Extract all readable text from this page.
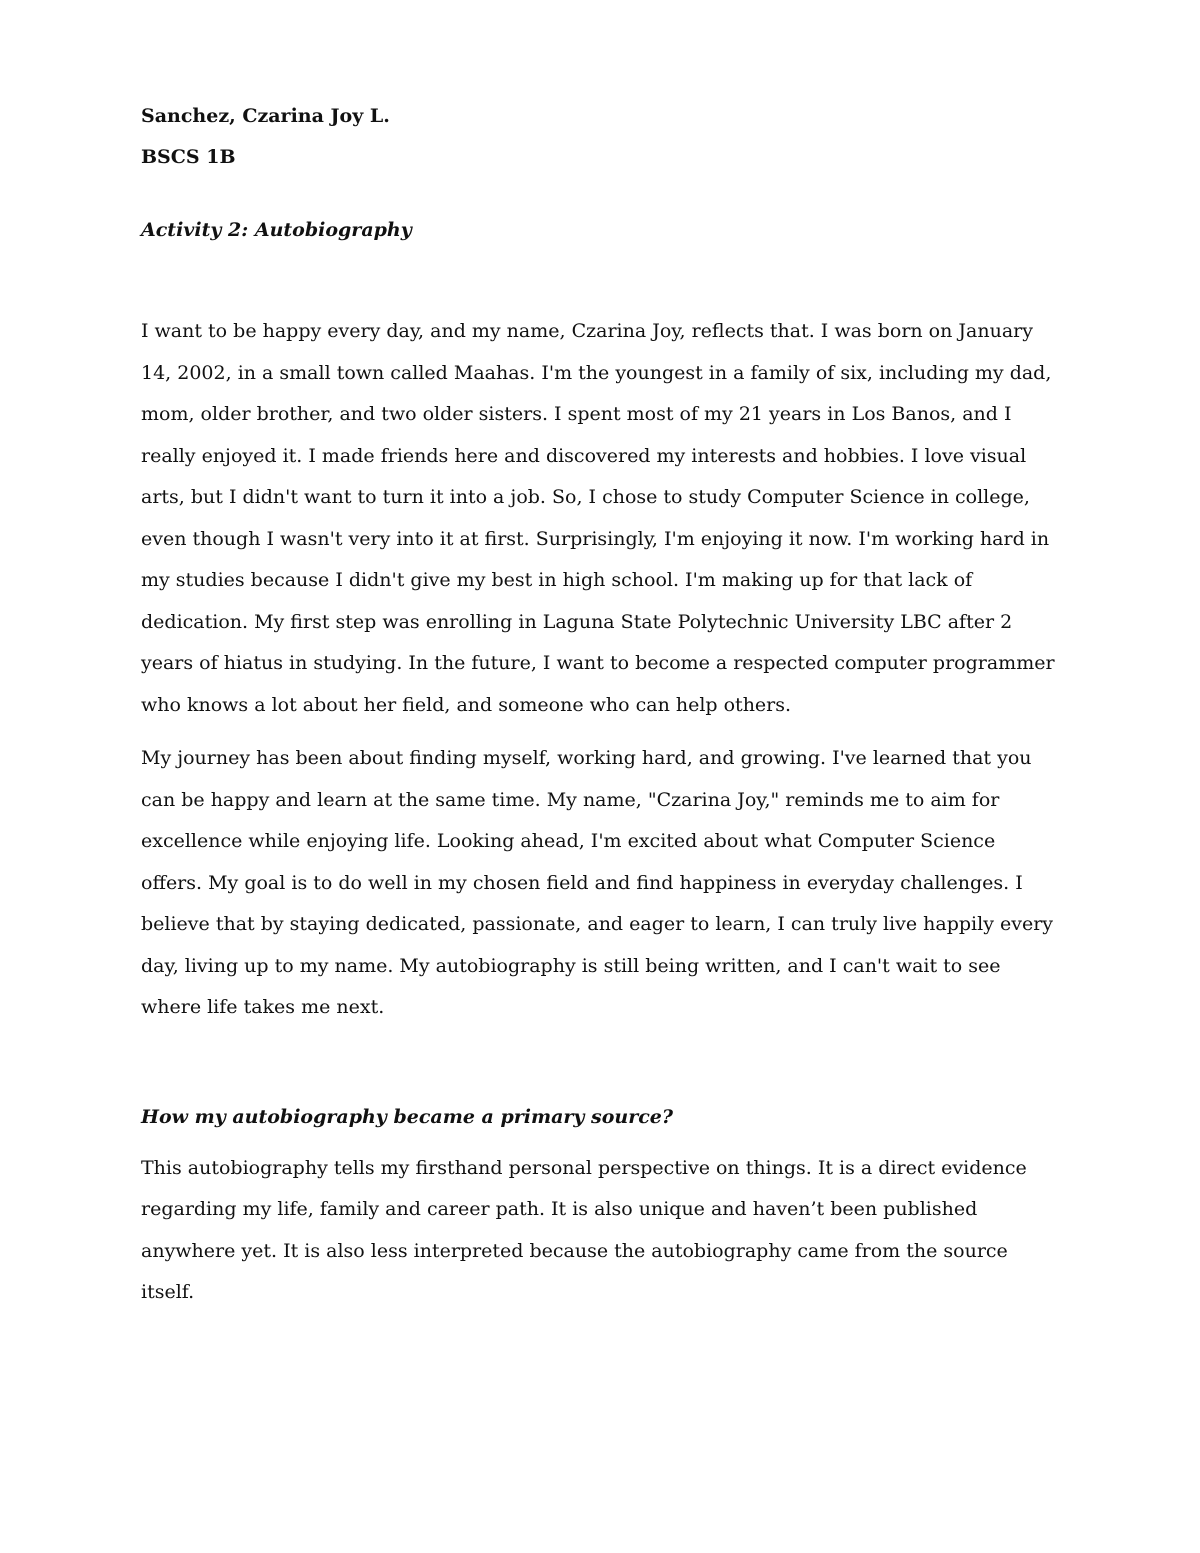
Sanchez, Czarina Joy L.

BSCS 1B

Activity 2: Autobiography

I want to be happy every day, and my name, Czarina Joy, reflects that. I was born on January 14, 2002, in a small town called Maahas. I'm the youngest in a family of six, including my dad, mom, older brother, and two older sisters. I spent most of my 21 years in Los Banos, and I really enjoyed it. I made friends here and discovered my interests and hobbies. I love visual arts, but I didn't want to turn it into a job. So, I chose to study Computer Science in college, even though I wasn't very into it at first. Surprisingly, I'm enjoying it now. I'm working hard in my studies because I didn't give my best in high school. I'm making up for that lack of dedication. My first step was enrolling in Laguna State Polytechnic University LBC after 2 years of hiatus in studying. In the future, I want to become a respected computer programmer who knows a lot about her field, and someone who can help others.

My journey has been about finding myself, working hard, and growing. I've learned that you can be happy and learn at the same time. My name, "Czarina Joy," reminds me to aim for excellence while enjoying life. Looking ahead, I'm excited about what Computer Science offers. My goal is to do well in my chosen field and find happiness in everyday challenges. I believe that by staying dedicated, passionate, and eager to learn, I can truly live happily every day, living up to my name. My autobiography is still being written, and I can't wait to see where life takes me next.

How my autobiography became a primary source?

This autobiography tells my firsthand personal perspective on things. It is a direct evidence regarding my life, family and career path. It is also unique and haven’t been published anywhere yet. It is also less interpreted because the autobiography came from the source itself.
